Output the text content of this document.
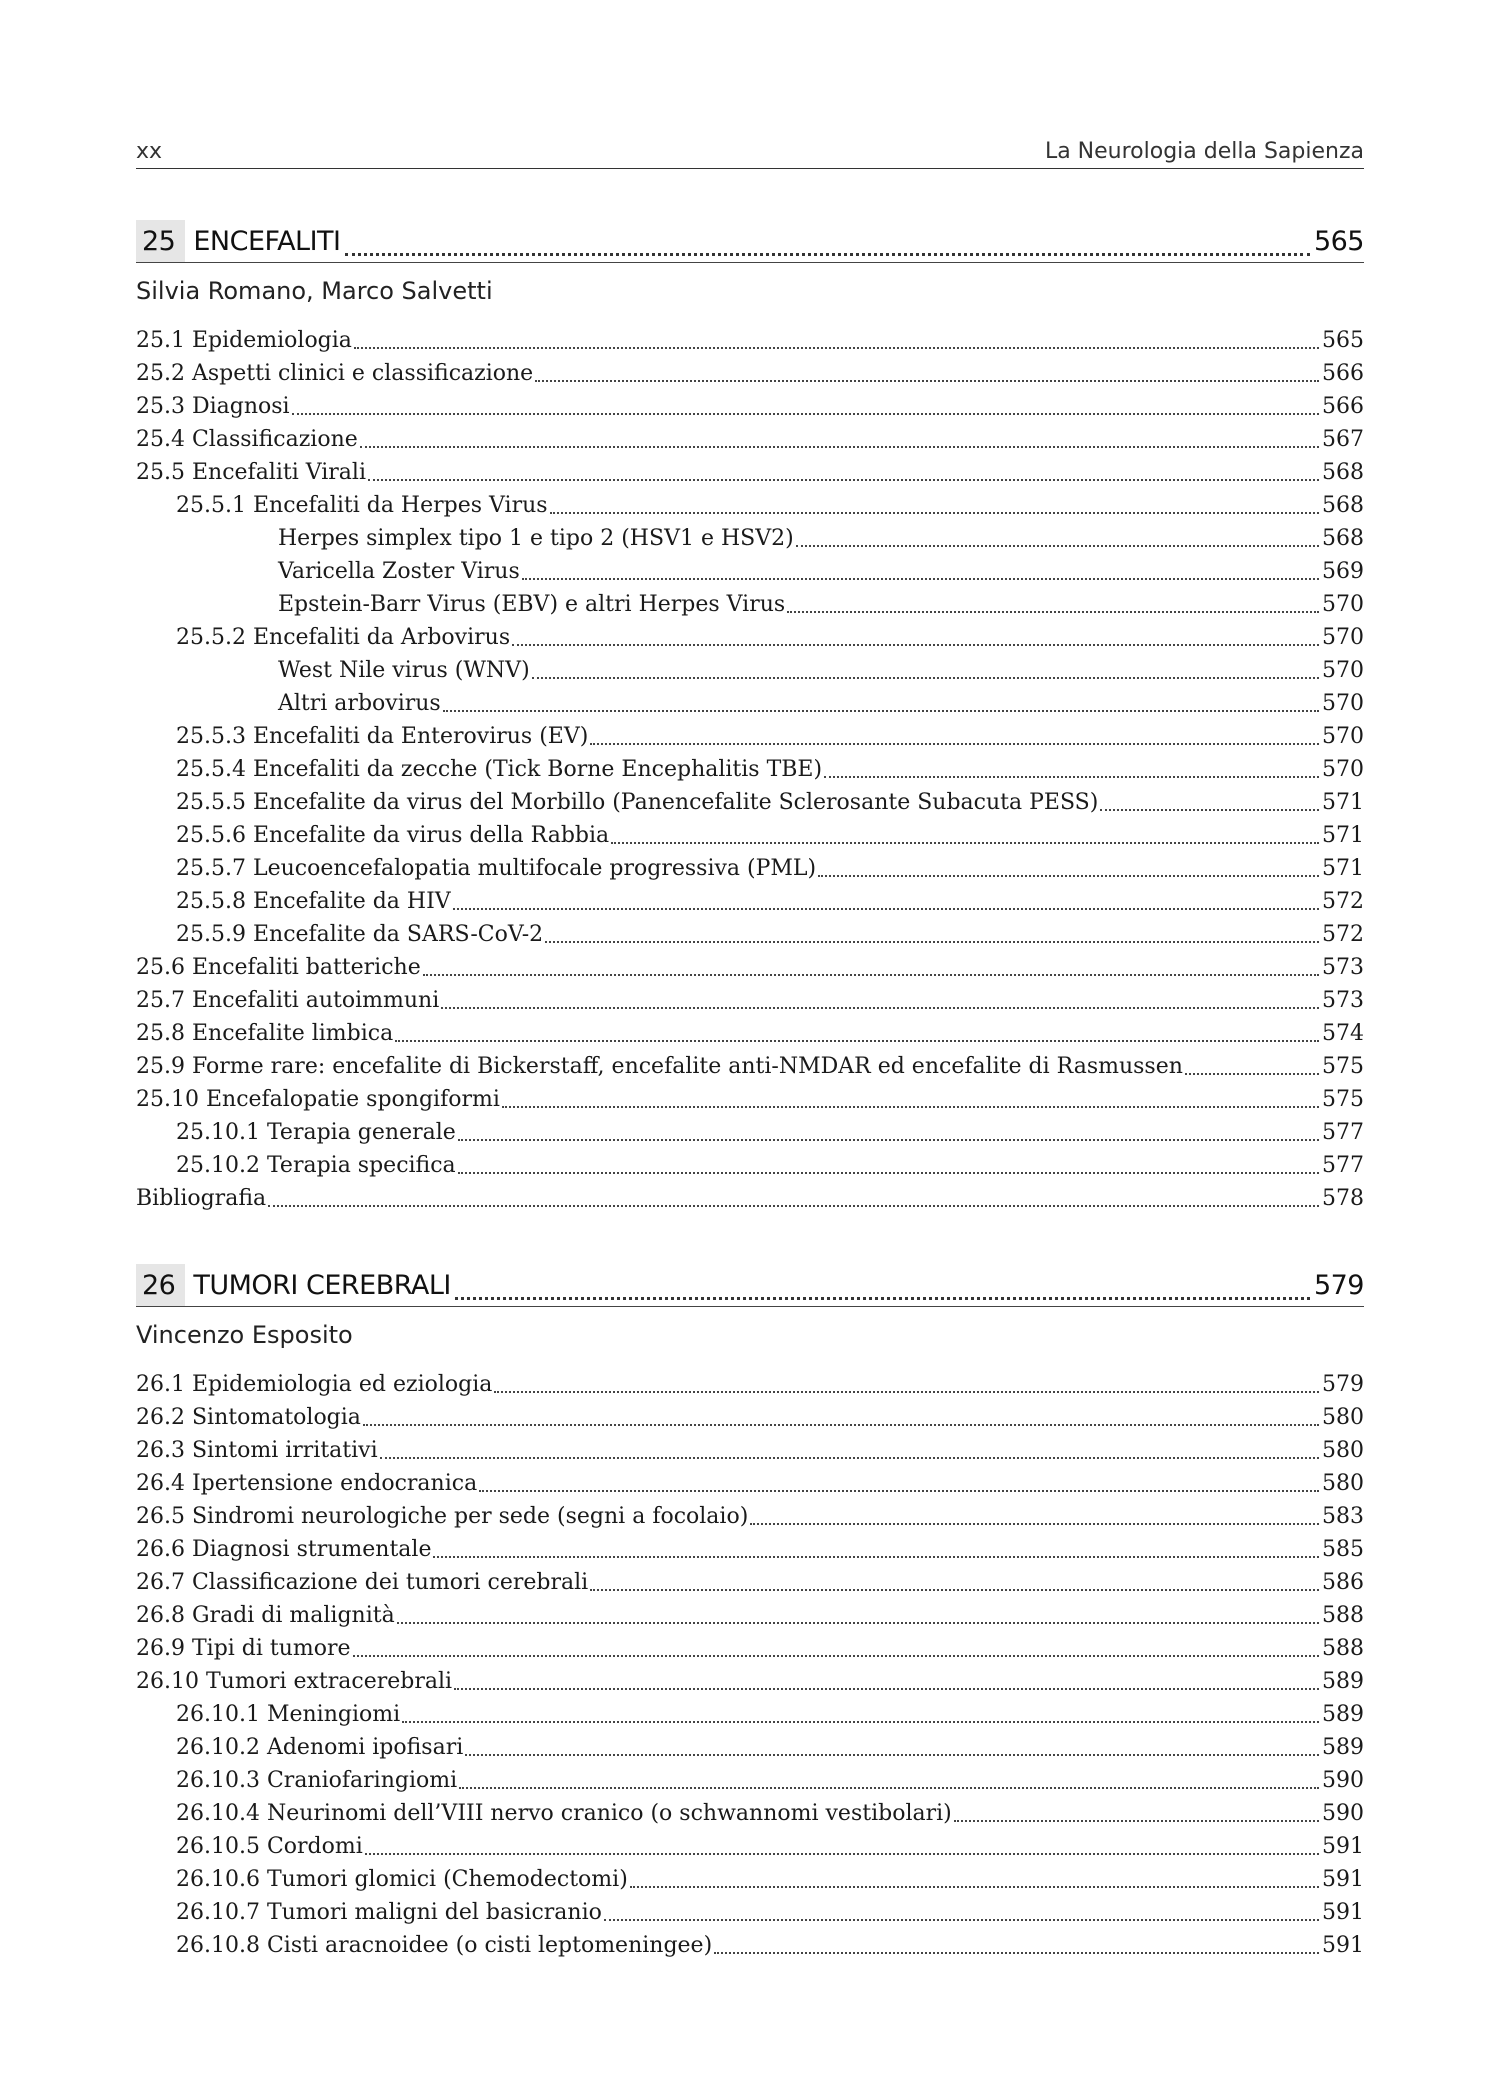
xx	La Neurologia della Sapienza
25 ENCEFALITI	565
Silvia Romano, Marco Salvetti
25.1 Epidemiologia	565
25.2 Aspetti clinici e classificazione	566
25.3 Diagnosi	566
25.4 Classificazione	567
25.5 Encefaliti Virali	568
25.5.1 Encefaliti da Herpes Virus	568
Herpes simplex tipo 1 e tipo 2 (HSV1 e HSV2)	568
Varicella Zoster Virus	569
Epstein-Barr Virus (EBV) e altri Herpes Virus	570
25.5.2 Encefaliti da Arbovirus	570
West Nile virus (WNV)	570
Altri arbovirus	570
25.5.3 Encefaliti da Enterovirus (EV)	570
25.5.4 Encefaliti da zecche (Tick Borne Encephalitis TBE)	570
25.5.5 Encefalite da virus del Morbillo (Panencefalite Sclerosante Subacuta PESS)	571
25.5.6 Encefalite da virus della Rabbia	571
25.5.7 Leucoencefalopatia multifocale progressiva (PML)	571
25.5.8 Encefalite da HIV	572
25.5.9 Encefalite da SARS-CoV-2	572
25.6 Encefaliti batteriche	573
25.7 Encefaliti autoimmuni	573
25.8 Encefalite limbica	574
25.9 Forme rare: encefalite di Bickerstaff, encefalite anti-NMDAR ed encefalite di Rasmussen	575
25.10 Encefalopatie spongiformi	575
25.10.1 Terapia generale	577
25.10.2 Terapia specifica	577
Bibliografia	578
26 TUMORI CEREBRALI	579
Vincenzo Esposito
26.1 Epidemiologia ed eziologia	579
26.2 Sintomatologia	580
26.3 Sintomi irritativi	580
26.4 Ipertensione endocranica	580
26.5 Sindromi neurologiche per sede (segni a focolaio)	583
26.6 Diagnosi strumentale	585
26.7 Classificazione dei tumori cerebrali	586
26.8 Gradi di malignità	588
26.9 Tipi di tumore	588
26.10 Tumori extracerebrali	589
26.10.1 Meningiomi	589
26.10.2 Adenomi ipofisari	589
26.10.3 Craniofaringiomi	590
26.10.4 Neurinomi dell’VIII nervo cranico (o schwannomi vestibolari)	590
26.10.5 Cordomi	591
26.10.6 Tumori glomici (Chemodectomi)	591
26.10.7 Tumori maligni del basicranio	591
26.10.8 Cisti aracnoidee (o cisti leptomeningee)	591
